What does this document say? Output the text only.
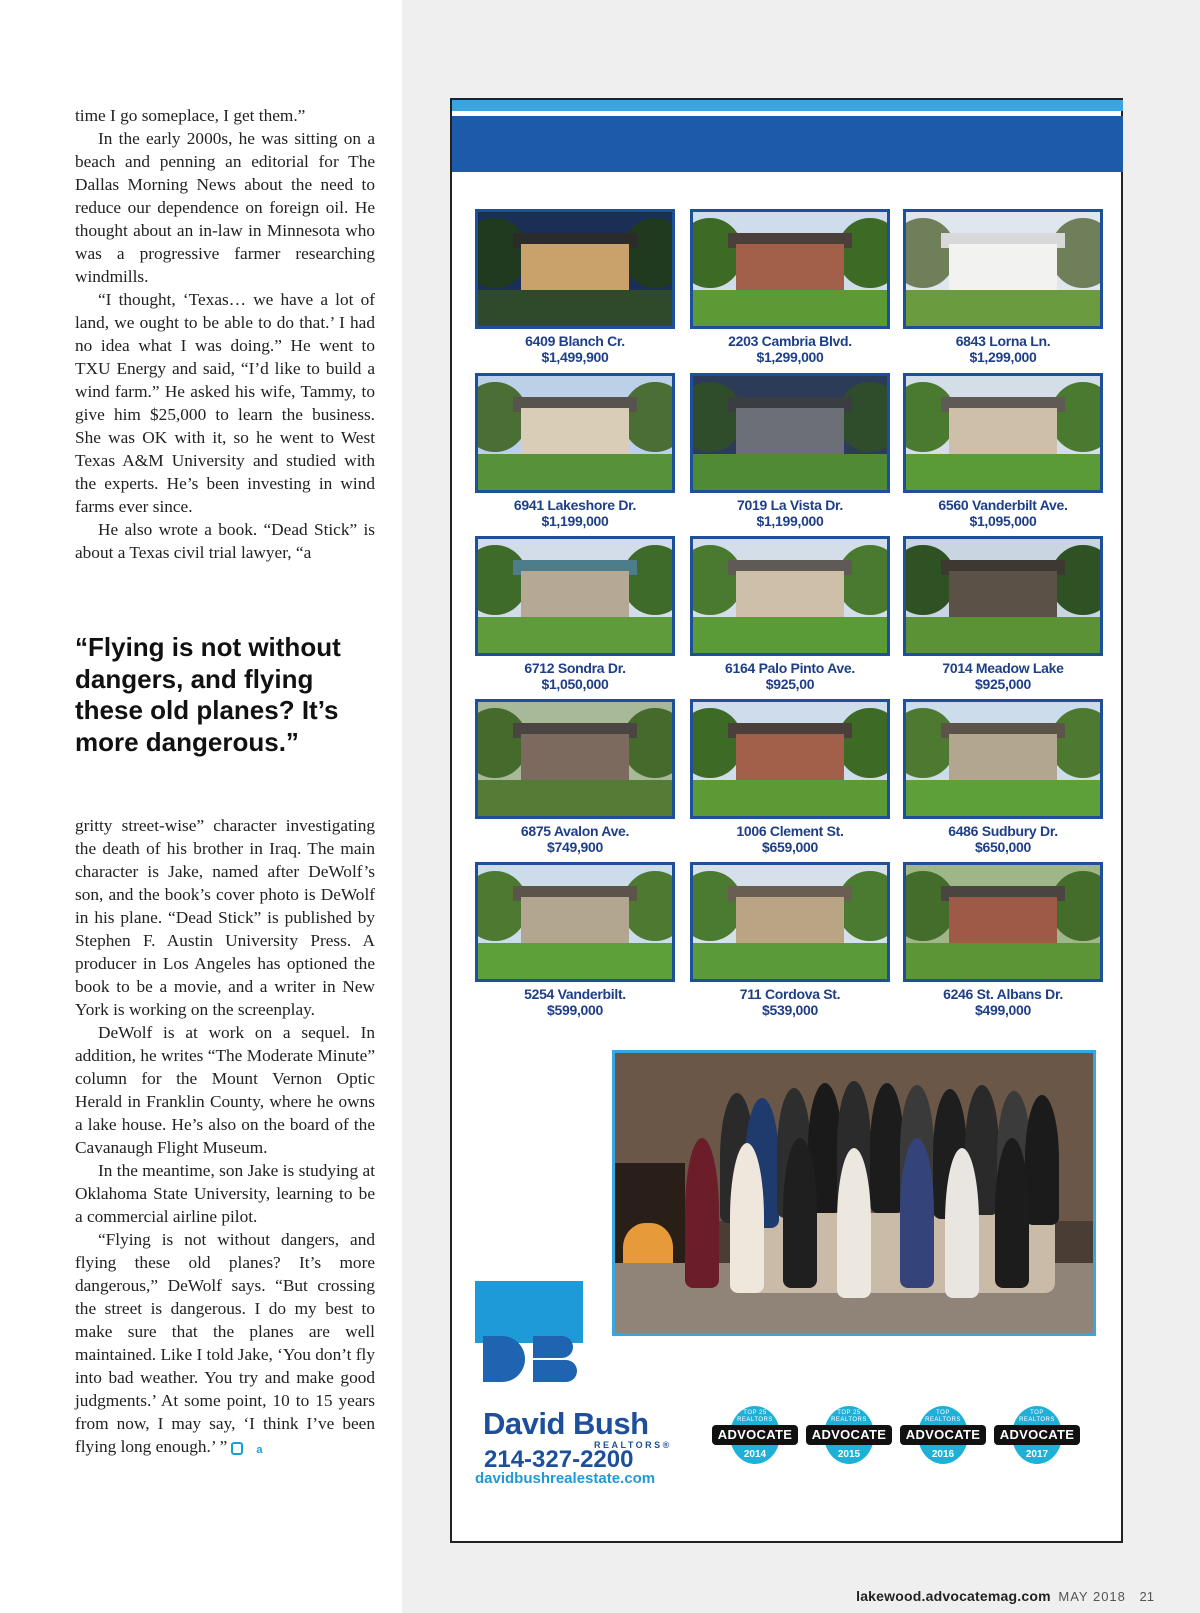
time I go someplace, I get them.”

In the early 2000s, he was sitting on a beach and penning an editorial for The Dallas Morning News about the need to reduce our dependence on foreign oil. He thought about an in-law in Minnesota who was a progressive farmer researching windmills.

“I thought, ‘Texas… we have a lot of land, we ought to be able to do that.’ I had no idea what I was doing.” He went to TXU Energy and said, “I’d like to build a wind farm.” He asked his wife, Tammy, to give him $25,000 to learn the business. She was OK with it, so he went to West Texas A&M University and studied with the experts. He’s been investing in wind farms ever since.

He also wrote a book. “Dead Stick” is about a Texas civil trial lawyer, “a

“Flying is not without dangers, and flying these old planes? It’s more dangerous.”

gritty street-wise” character investigating the death of his brother in Iraq. The main character is Jake, named after DeWolf’s son, and the book’s cover photo is DeWolf in his plane. “Dead Stick” is published by Stephen F. Austin University Press. A producer in Los Angeles has optioned the book to be a movie, and a writer in New York is working on the screenplay.

DeWolf is at work on a sequel. In addition, he writes “The Moderate Minute” column for the Mount Vernon Optic Herald in Franklin County, where he owns a lake house. He’s also on the board of the Cavanaugh Flight Museum.

In the meantime, son Jake is studying at Oklahoma State University, learning to be a commercial airline pilot.

“Flying is not without dangers, and flying these old planes? It’s more dangerous,” DeWolf says. “But crossing the street is dangerous. I do my best to make sure that the planes are well maintained. Like I told Jake, ‘You don’t fly into bad weather. You try and make good judgments.’ At some point, 10 to 15 years from now, I may say, ‘I think I’ve been flying long enough.’ ”	a

6409 Blanch Cr.
$1,499,900
2203 Cambria Blvd.
$1,299,000
6843 Lorna Ln.
$1,299,000
6941 Lakeshore Dr.
$1,199,000
7019 La Vista Dr.
$1,199,000
6560 Vanderbilt Ave.
$1,095,000
6712 Sondra Dr.
$1,050,000
6164 Palo Pinto Ave.
$925,00
7014 Meadow Lake
$925,000
6875 Avalon Ave.
$749,900
1006 Clement St.
$659,000
6486 Sudbury Dr.
$650,000
5254 Vanderbilt.
$599,000
711 Cordova St.
$539,000
6246 St. Albans Dr.
$499,000
David Bush
REALTORS®
214-327-2200
davidbushrealestate.com
TOP 25 REALTORS
ADVOCATE
2014
TOP 25 REALTORS
ADVOCATE
2015
TOP REALTORS
ADVOCATE
2016
TOP REALTORS
ADVOCATE
2017
lakewood.advocatemag.com MAY 2018 21
